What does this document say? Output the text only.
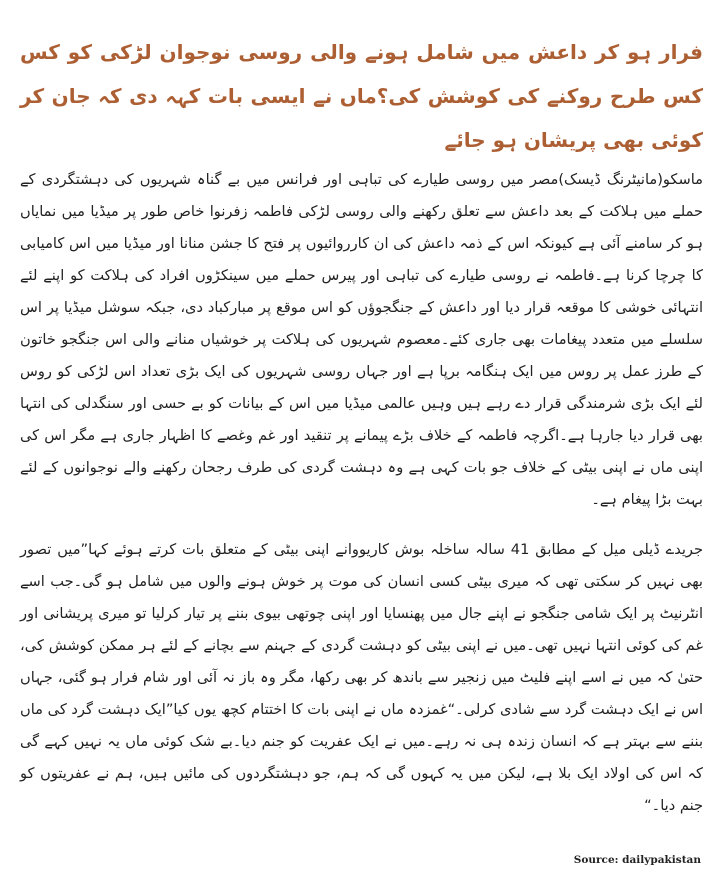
فرار ہو کر داعش میں شامل ہونے والی روسی نوجوان لڑکی کو کس کس طرح روکنے کی کوشش کی؟ماں نے ایسی بات کہہ دی کہ جان کر کوئی بھی پریشان ہو جائے

ماسکو(مانیٹرنگ ڈیسک)مصر میں روسی طیارے کی تباہی اور فرانس میں بے گناہ شہریوں کی دہشتگردی کے حملے میں ہلاکت کے بعد داعش سے تعلق رکھنے والی روسی لڑکی فاطمہ زفرنوا خاص طور پر میڈیا میں نمایاں ہو کر سامنے آئی ہے کیونکہ اس کے ذمہ داعش کی ان کارروائیوں پر فتح کا جشن منانا اور میڈیا میں اس کامیابی کا چرچا کرنا ہے۔فاطمہ نے روسی طیارے کی تباہی اور پیرس حملے میں سینکڑوں افراد کی ہلاکت کو اپنے لئے انتہائی خوشی کا موقعہ قرار دیا اور داعش کے جنگجوؤں کو اس موقع پر مبارکباد دی، جبکہ سوشل میڈیا پر اس سلسلے میں متعدد پیغامات بھی جاری کئے۔معصوم شہریوں کی ہلاکت پر خوشیاں منانے والی اس جنگجو خاتون کے طرز عمل پر روس میں ایک ہنگامہ برپا ہے اور جہاں روسی شہریوں کی ایک بڑی تعداد اس لڑکی کو روس لئے ایک بڑی شرمندگی قرار دے رہے ہیں وہیں عالمی میڈیا میں اس کے بیانات کو بے حسی اور سنگدلی کی انتہا بھی قرار دیا جارہا ہے۔اگرچہ فاطمہ کے خلاف بڑے پیمانے پر تنقید اور غم وغصے کا اظہار جاری ہے مگر اس کی اپنی ماں نے اپنی بیٹی کے خلاف جو بات کہی ہے وہ دہشت گردی کی طرف رجحان رکھنے والے نوجوانوں کے لئے بہت بڑا پیغام ہے۔

جریدے ڈیلی میل کے مطابق 41 سالہ ساخلہ بوش کاریووانے اپنی بیٹی کے متعلق بات کرتے ہوئے کہا”میں تصور بھی نہیں کر سکتی تھی کہ میری بیٹی کسی انسان کی موت پر خوش ہونے والوں میں شامل ہو گی۔جب اسے انٹرنیٹ پر ایک شامی جنگجو نے اپنے جال میں پھنسایا اور اپنی چوتھی بیوی بننے پر تیار کرلیا تو میری پریشانی اور غم کی کوئی انتہا نہیں تھی۔میں نے اپنی بیٹی کو دہشت گردی کے جہنم سے بچانے کے لئے ہر ممکن کوشش کی، حتیٰ کہ میں نے اسے اپنے فلیٹ میں زنجیر سے باندھ کر بھی رکھا، مگر وہ باز نہ آئی اور شام فرار ہو گئی، جہاں اس نے ایک دہشت گرد سے شادی کرلی۔“غمزدہ ماں نے اپنی بات کا اختتام کچھ یوں کیا”ایک دہشت گرد کی ماں بننے سے بہتر ہے کہ انسان زندہ ہی نہ رہے۔میں نے ایک عفریت کو جنم دیا۔بے شک کوئی ماں یہ نہیں کہے گی کہ اس کی اولاد ایک بلا ہے، لیکن میں یہ کہوں گی کہ ہم، جو دہشتگردوں کی مائیں ہیں، ہم نے عفریتوں کو جنم دیا۔“

Source: dailypakistan
